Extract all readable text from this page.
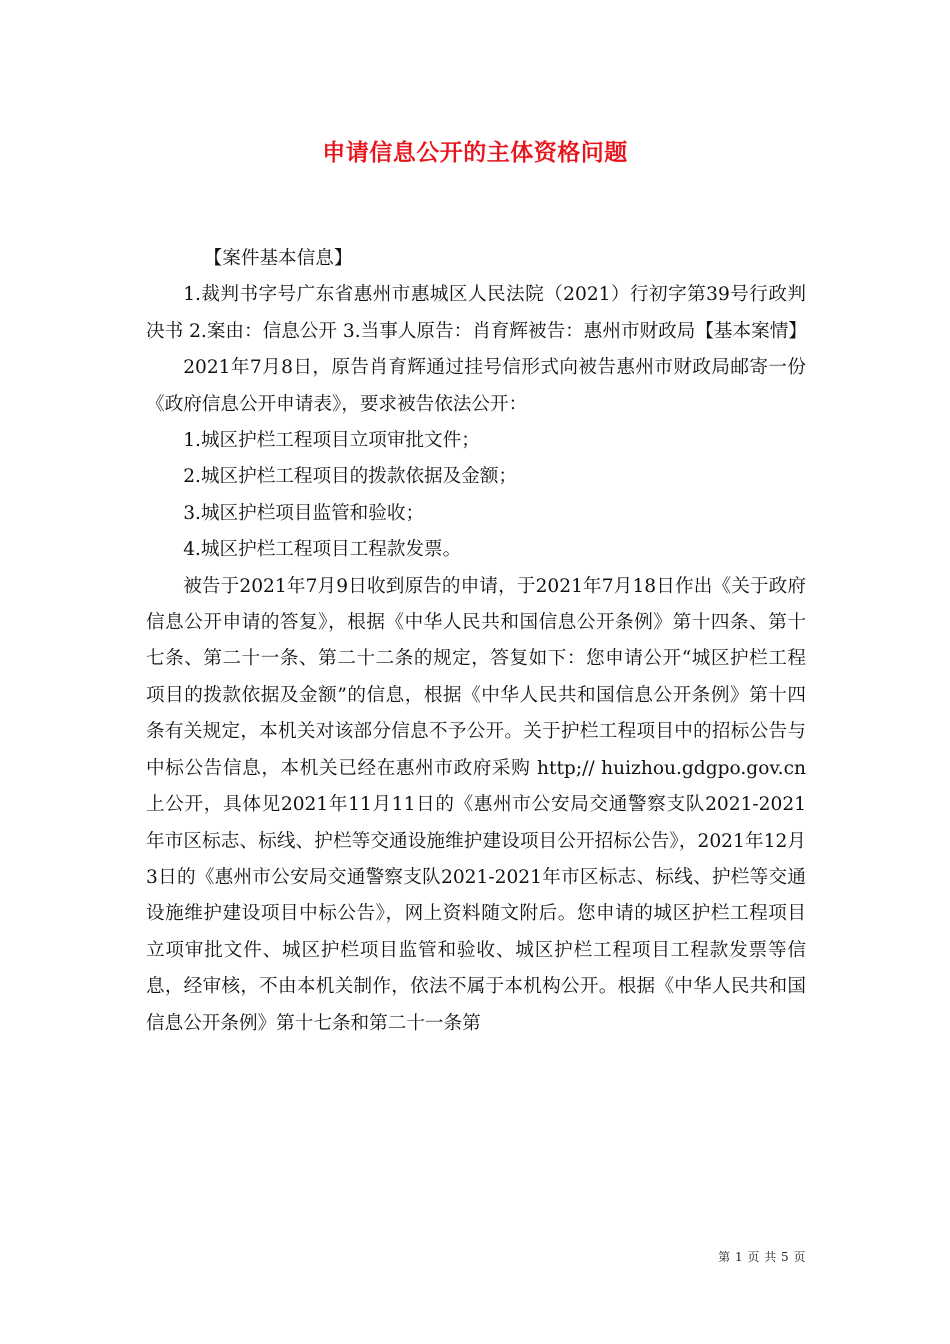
申请信息公开的主体资格问题

【案件基本信息】

1.裁判书字号广东省惠州市惠城区人民法院（2021）行初字第39号行政判决书 2.案由：信息公开 3.当事人原告：肖育辉被告：惠州市财政局【基本案情】

2021年7月8日，原告肖育辉通过挂号信形式向被告惠州市财政局邮寄一份《政府信息公开申请表》，要求被告依法公开：

1.城区护栏工程项目立项审批文件；

2.城区护栏工程项目的拨款依据及金额；

3.城区护栏项目监管和验收；

4.城区护栏工程项目工程款发票。

被告于2021年7月9日收到原告的申请，于2021年7月18日作出《关于政府信息公开申请的答复》，根据《中华人民共和国信息公开条例》第十四条、第十七条、第二十一条、第二十二条的规定，答复如下：您申请公开“城区护栏工程项目的拨款依据及金额”的信息，根据《中华人民共和国信息公开条例》第十四条有关规定，本机关对该部分信息不予公开。关于护栏工程项目中的招标公告与中标公告信息，本机关已经在惠州市政府采购 http;// huizhou.gdgpo.gov.cn上公开，具体见2021年11月11日的《惠州市公安局交通警察支队2021-2021年市区标志、标线、护栏等交通设施维护建设项目公开招标公告》，2021年12月3日的《惠州市公安局交通警察支队2021-2021年市区标志、标线、护栏等交通设施维护建设项目中标公告》，网上资料随文附后。您申请的城区护栏工程项目立项审批文件、城区护栏项目监管和验收、城区护栏工程项目工程款发票等信息，经审核，不由本机关制作，依法不属于本机构公开。根据《中华人民共和国信息公开条例》第十七条和第二十一条第

第 1 页 共 5 页
